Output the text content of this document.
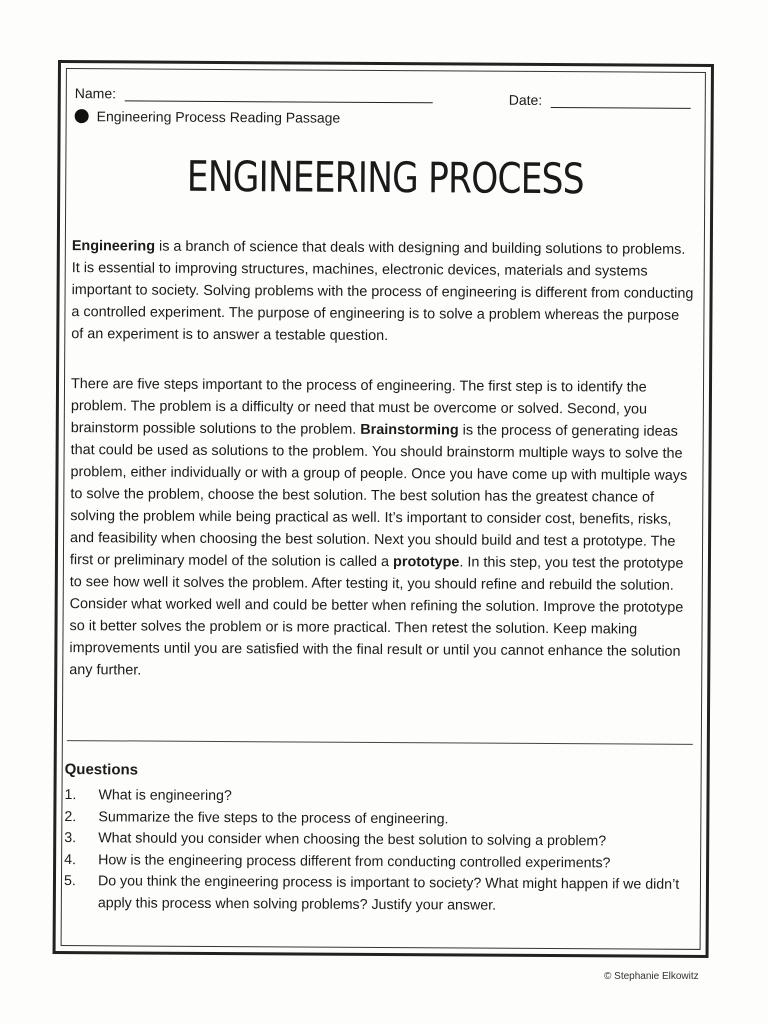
Name:	Date:
Engineering Process Reading Passage
ENGINEERING PROCESS

Engineering is a branch of science that deals with designing and building solutions to problems. It is essential to improving structures, machines, electronic devices, materials and systems important to society. Solving problems with the process of engineering is different from conducting a controlled experiment. The purpose of engineering is to solve a problem whereas the purpose of an experiment is to answer a testable question.

There are five steps important to the process of engineering. The first step is to identify the problem. The problem is a difficulty or need that must be overcome or solved. Second, you brainstorm possible solutions to the problem. Brainstorming is the process of generating ideas that could be used as solutions to the problem. You should brainstorm multiple ways to solve the problem, either individually or with a group of people. Once you have come up with multiple ways to solve the problem, choose the best solution. The best solution has the greatest chance of solving the problem while being practical as well. It’s important to consider cost, benefits, risks, and feasibility when choosing the best solution. Next you should build and test a prototype. The first or preliminary model of the solution is called a prototype. In this step, you test the prototype to see how well it solves the problem. After testing it, you should refine and rebuild the solution. Consider what worked well and could be better when refining the solution. Improve the prototype so it better solves the problem or is more practical. Then retest the solution. Keep making improvements until you are satisfied with the final result or until you cannot enhance the solution any further.

Questions
1.	What is engineering?
2.	Summarize the five steps to the process of engineering.
3.	What should you consider when choosing the best solution to solving a problem?
4.	How is the engineering process different from conducting controlled experiments?
5.	Do you think the engineering process is important to society? What might happen if we didn’t apply this process when solving problems? Justify your answer.
© Stephanie Elkowitz
